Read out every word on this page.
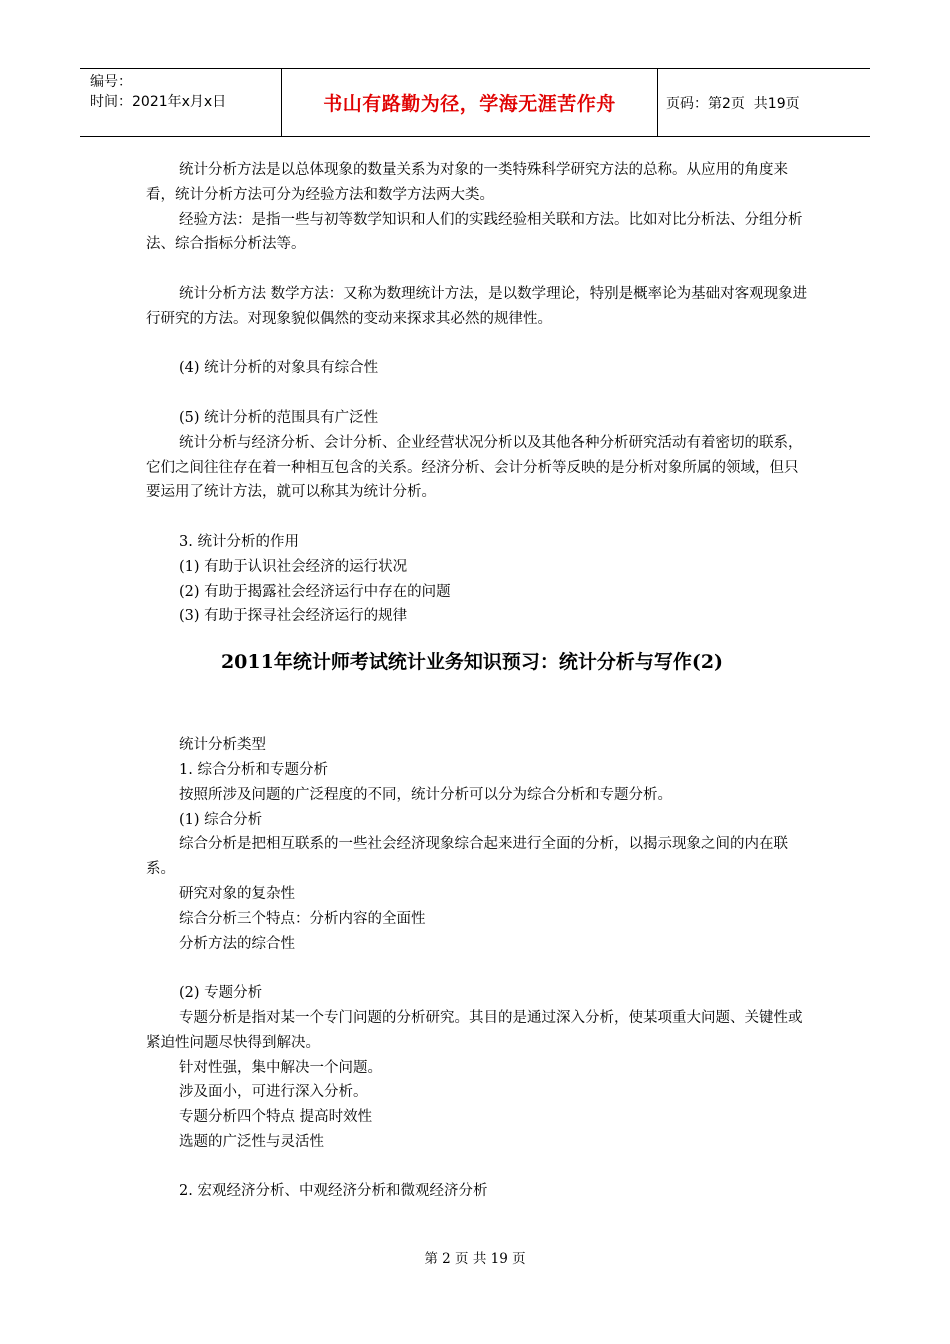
编号：
时间：2021年x月x日	书山有路勤为径，学海无涯苦作舟	页码：第2页  共19页

统计分析方法是以总体现象的数量关系为对象的一类特殊科学研究方法的总称。从应用的角度来看，统计分析方法可分为经验方法和数学方法两大类。

经验方法：是指一些与初等数学知识和人们的实践经验相关联和方法。比如对比分析法、分组分析法、综合指标分析法等。

统计分析方法 数学方法：又称为数理统计方法，是以数学理论，特别是概率论为基础对客观现象进行研究的方法。对现象貌似偶然的变动来探求其必然的规律性。

(4) 统计分析的对象具有综合性

(5) 统计分析的范围具有广泛性

统计分析与经济分析、会计分析、企业经营状况分析以及其他各种分析研究活动有着密切的联系，它们之间往往存在着一种相互包含的关系。经济分析、会计分析等反映的是分析对象所属的领域，但只要运用了统计方法，就可以称其为统计分析。

3. 统计分析的作用

(1) 有助于认识社会经济的运行状况

(2) 有助于揭露社会经济运行中存在的问题

(3) 有助于探寻社会经济运行的规律

2011年统计师考试统计业务知识预习：统计分析与写作(2)

统计分析类型

1. 综合分析和专题分析

按照所涉及问题的广泛程度的不同，统计分析可以分为综合分析和专题分析。

(1) 综合分析

综合分析是把相互联系的一些社会经济现象综合起来进行全面的分析，以揭示现象之间的内在联系。

研究对象的复杂性

综合分析三个特点：分析内容的全面性

分析方法的综合性

(2) 专题分析

专题分析是指对某一个专门问题的分析研究。其目的是通过深入分析，使某项重大问题、关键性或紧迫性问题尽快得到解决。

针对性强，集中解决一个问题。

涉及面小，可进行深入分析。

专题分析四个特点 提高时效性

选题的广泛性与灵活性

2. 宏观经济分析、中观经济分析和微观经济分析

第 2 页 共 19 页
